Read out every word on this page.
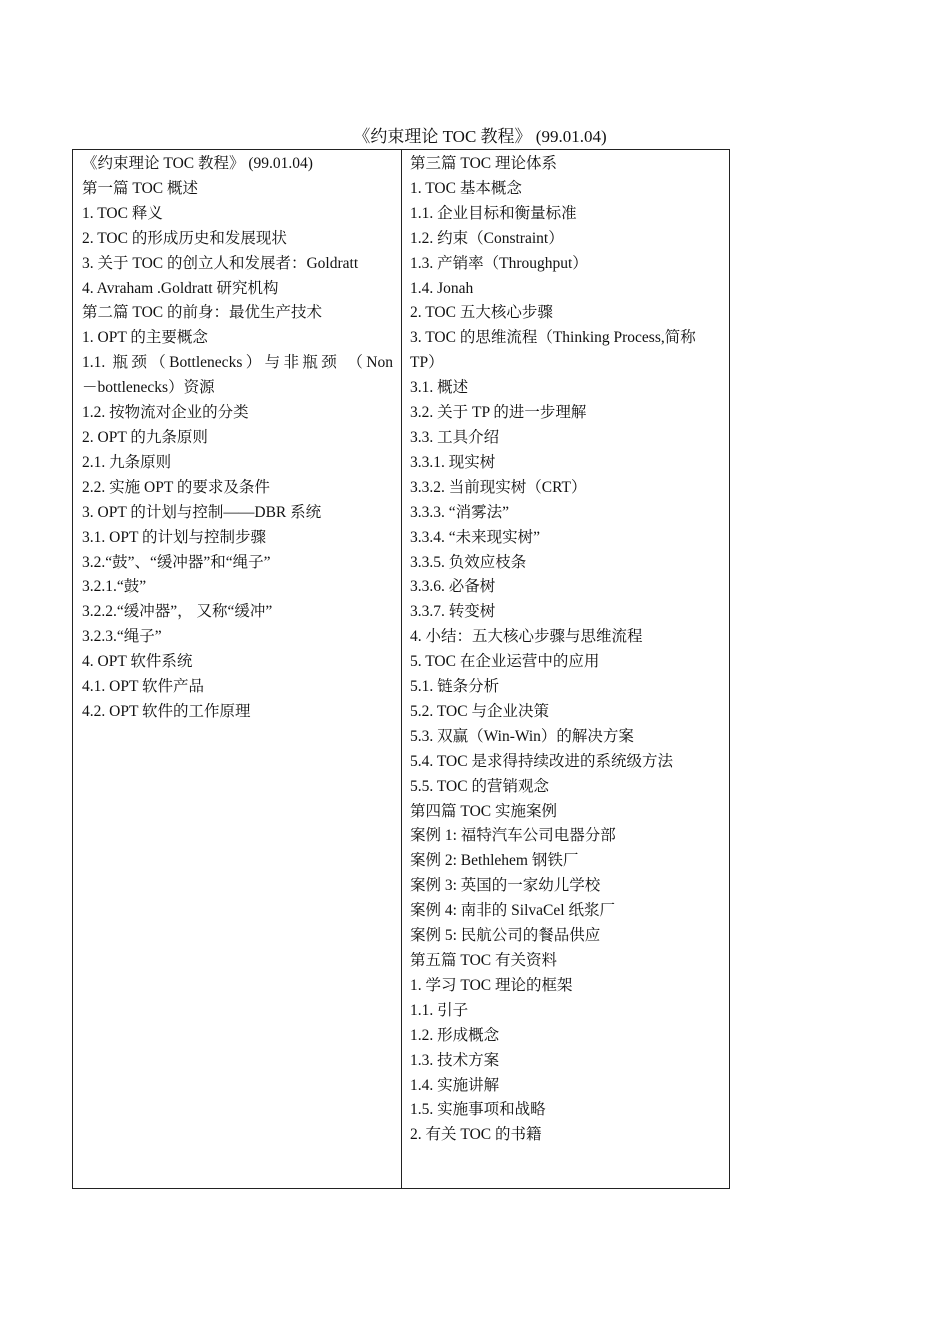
《约束理论 TOC 教程》 (99.01.04)
《约束理论 TOC 教程》 (99.01.04)
第一篇 TOC 概述
1. TOC 释义
2. TOC 的形成历史和发展现状
3. 关于 TOC 的创立人和发展者：Goldratt
4. Avraham .Goldratt 研究机构
第二篇 TOC 的前身：最优生产技术
1. OPT 的主要概念
1.1. 瓶颈（Bottlenecks）与非瓶颈 （Non
－bottlenecks）资源
1.2. 按物流对企业的分类
2. OPT 的九条原则
2.1. 九条原则
2.2. 实施 OPT 的要求及条件
3. OPT 的计划与控制——DBR 系统
3.1. OPT 的计划与控制步骤
3.2.“鼓”、“缓冲器”和“绳子”
3.2.1.“鼓”
3.2.2.“缓冲器”， 又称“缓冲”
3.2.3.“绳子”
4. OPT 软件系统
4.1. OPT 软件产品
4.2. OPT 软件的工作原理
第三篇 TOC 理论体系
1. TOC 基本概念
1.1. 企业目标和衡量标准
1.2. 约束（Constraint）
1.3. 产销率（Throughput）
1.4. Jonah
2. TOC 五大核心步骤
3. TOC 的思维流程（Thinking Process,简称
TP）
3.1. 概述
3.2. 关于 TP 的进一步理解
3.3. 工具介绍
3.3.1. 现实树
3.3.2. 当前现实树（CRT）
3.3.3. “消雾法”
3.3.4. “未来现实树”
3.3.5. 负效应枝条
3.3.6. 必备树
3.3.7. 转变树
4. 小结：五大核心步骤与思维流程
5. TOC 在企业运营中的应用
5.1. 链条分析
5.2. TOC 与企业决策
5.3. 双赢（Win-Win）的解决方案
5.4. TOC 是求得持续改进的系统级方法
5.5. TOC 的营销观念
第四篇 TOC 实施案例
案例 1: 福特汽车公司电器分部
案例 2: Bethlehem 钢铁厂
案例 3: 英国的一家幼儿学校
案例 4: 南非的 SilvaCel 纸浆厂
案例 5: 民航公司的餐品供应
第五篇 TOC 有关资料
1. 学习 TOC 理论的框架
1.1. 引子
1.2. 形成概念
1.3. 技术方案
1.4. 实施讲解
1.5. 实施事项和战略
2. 有关 TOC 的书籍
